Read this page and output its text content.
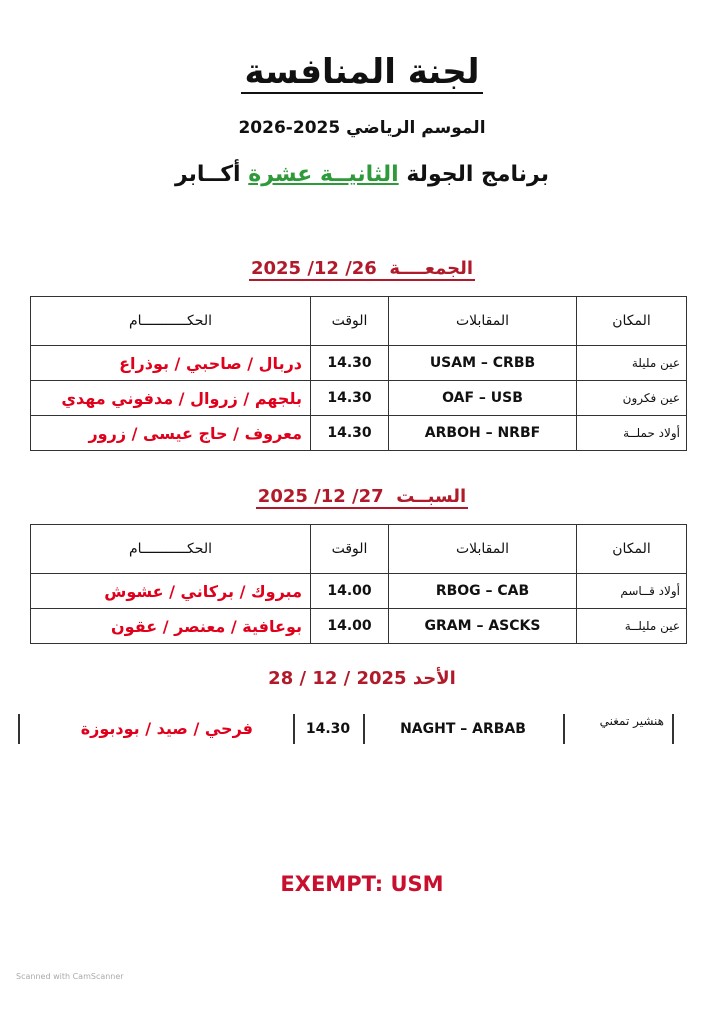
لجنة المنافسة
الموسم الرياضي 2025-2026
برنامج الجولة الثانيــة عشرة أكــابر
الجمعــــة  2025 /12 /26
المكان	المقابلات	الوقت	الحكـــــــــــام
عين مليلة	USAM – CRBB	14.30	دربال / صاحبي / بوذراع
عين فكرون	OAF – USB	14.30	بلجهم / زروال / مدفوني مهدي
أولاد حملــة	ARBOH – NRBF	14.30	معروف / حاج عيسى / زرور
السبــت  2025 /12 /27
المكان	المقابلات	الوقت	الحكـــــــــــام
أولاد قــاسم	RBOG – CAB	14.00	مبروك / بركاني / عشوش
عين مليلــة	GRAM – ASCKS	14.00	بوعافية / معنصر / عقون
الأحد 28 / 12 / 2025
فرحي / صيد / بودبوزة	14.30	NAGHT – ARBAB	هنشير تمغني
EXEMPT: USM
Scanned with CamScanner
